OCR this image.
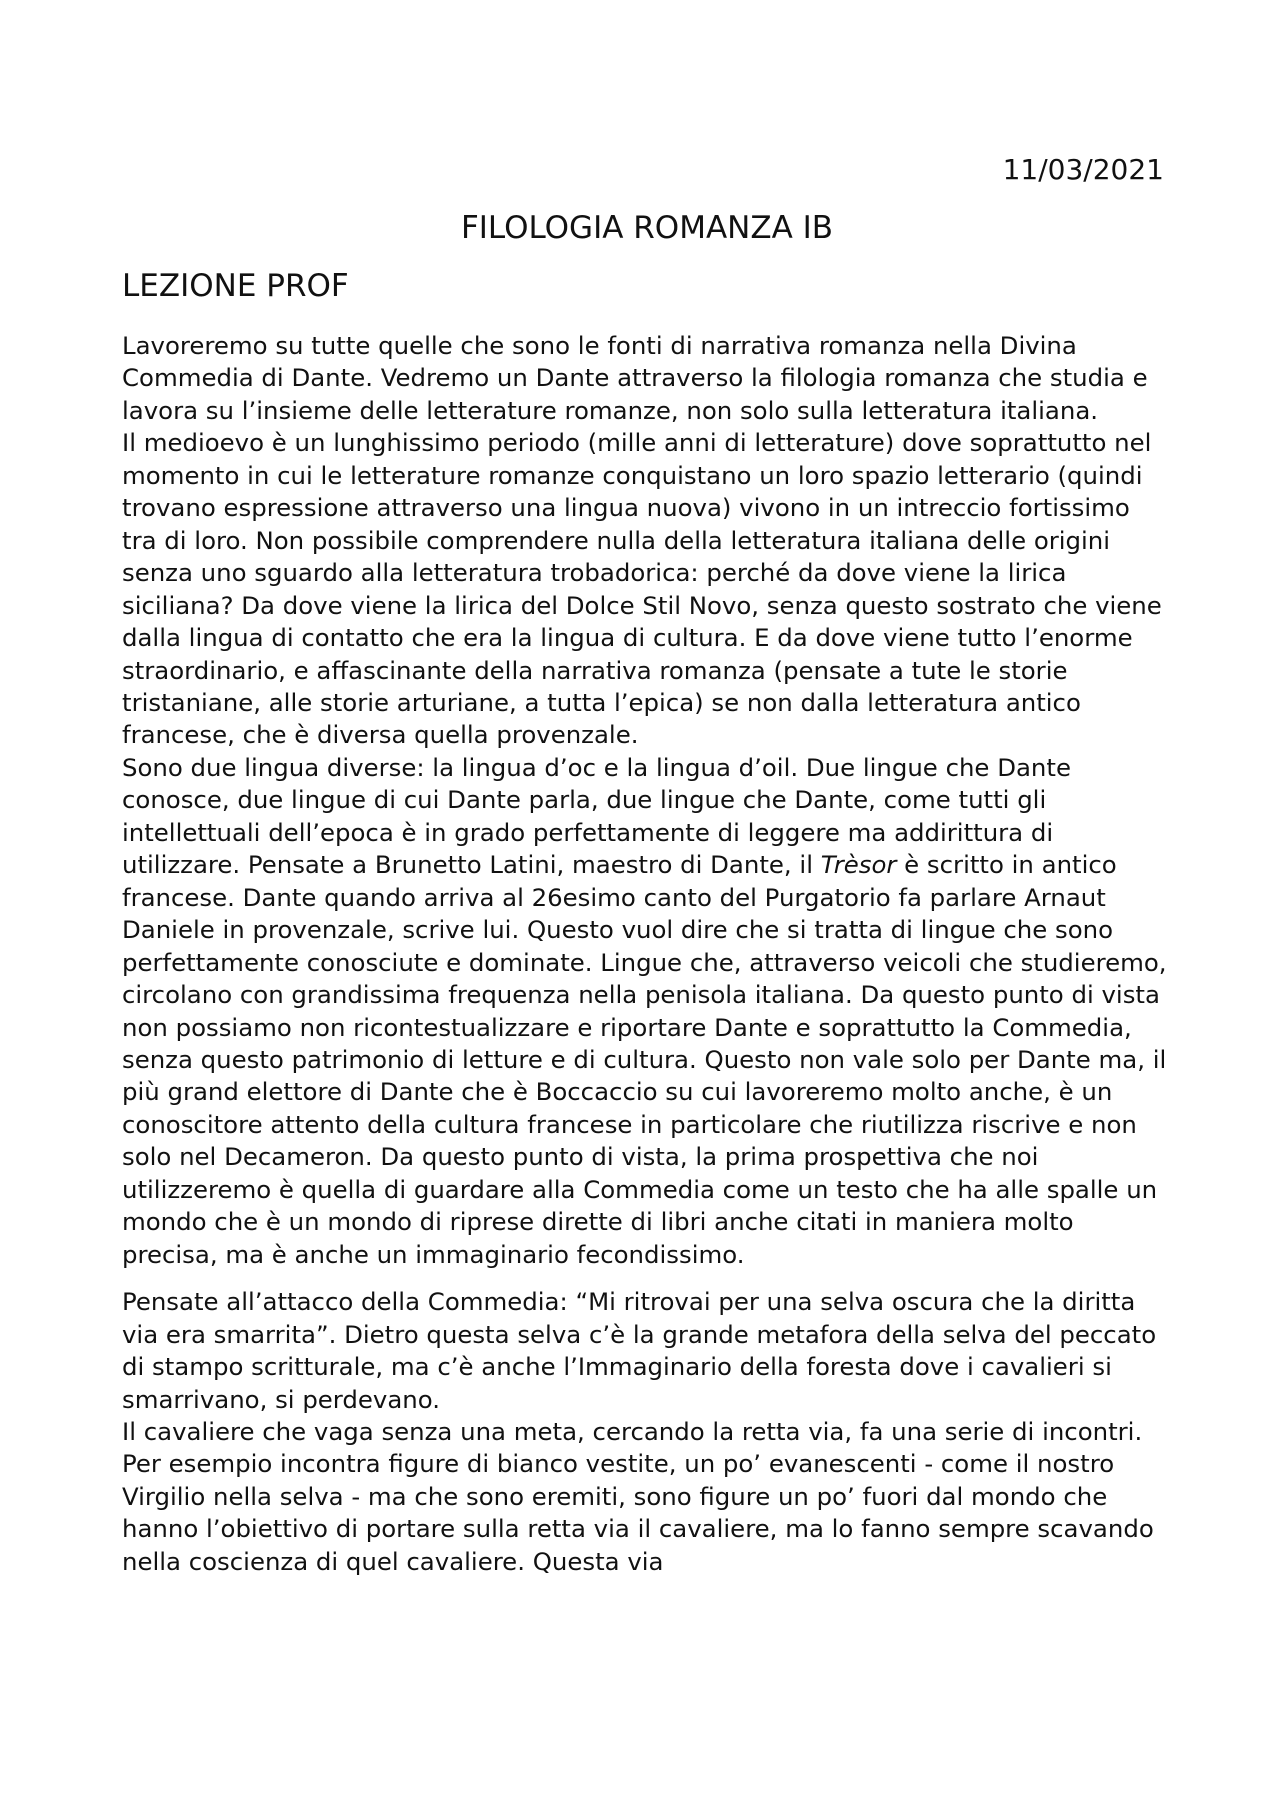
11/03/2021
FILOLOGIA ROMANZA IB
LEZIONE PROF

Lavoreremo su tutte quelle che sono le fonti di narrativa romanza nella Divina Commedia di Dante. Vedremo un Dante attraverso la filologia romanza che studia e lavora su l’insieme delle letterature romanze, non solo sulla letteratura italiana.

Il medioevo è un lunghissimo periodo (mille anni di letterature) dove soprattutto nel momento in cui le letterature romanze conquistano un loro spazio letterario (quindi trovano espressione attraverso una lingua nuova) vivono in un intreccio fortissimo tra di loro. Non possibile comprendere nulla della letteratura italiana delle origini senza uno sguardo alla letteratura trobadorica: perché da dove viene la lirica siciliana? Da dove viene la lirica del Dolce Stil Novo, senza questo sostrato che viene dalla lingua di contatto che era la lingua di cultura. E da dove viene tutto l’enorme straordinario, e affascinante della narrativa romanza (pensate a tute le storie tristaniane, alle storie arturiane, a tutta l’epica) se non dalla letteratura antico francese, che è diversa quella provenzale.

Sono due lingua diverse: la lingua d’oc e la lingua d’oil. Due lingue che Dante conosce, due lingue di cui Dante parla, due lingue che Dante, come tutti gli intellettuali dell’epoca è in grado perfettamente di leggere ma addirittura di utilizzare. Pensate a Brunetto Latini, maestro di Dante, il Trèsor è scritto in antico francese. Dante quando arriva al 26esimo canto del Purgatorio fa parlare Arnaut Daniele in provenzale, scrive lui. Questo vuol dire che si tratta di lingue che sono perfettamente conosciute e dominate. Lingue che, attraverso veicoli che studieremo, circolano con grandissima frequenza nella penisola italiana. Da questo punto di vista non possiamo non ricontestualizzare e riportare Dante e soprattutto la Commedia, senza questo patrimonio di letture e di cultura. Questo non vale solo per Dante ma, il più grand elettore di Dante che è Boccaccio su cui lavoreremo molto anche, è un conoscitore attento della cultura francese in particolare che riutilizza riscrive e non solo nel Decameron. Da questo punto di vista, la prima prospettiva che noi utilizzeremo è quella di guardare alla Commedia come un testo che ha alle spalle un mondo che è un mondo di riprese dirette di libri anche citati in maniera molto precisa, ma è anche un immaginario fecondissimo.

Pensate all’attacco della Commedia: “Mi ritrovai per una selva oscura che la diritta via era smarrita”. Dietro questa selva c’è la grande metafora della selva del peccato di stampo scritturale, ma c’è anche l’Immaginario della foresta dove i cavalieri si smarrivano, si perdevano.

Il cavaliere che vaga senza una meta, cercando la retta via, fa una serie di incontri. Per esempio incontra figure di bianco vestite, un po’ evanescenti - come il nostro Virgilio nella selva - ma che sono eremiti, sono figure un po’ fuori dal mondo che hanno l’obiettivo di portare sulla retta via il cavaliere, ma lo fanno sempre scavando nella coscienza di quel cavaliere. Questa via
